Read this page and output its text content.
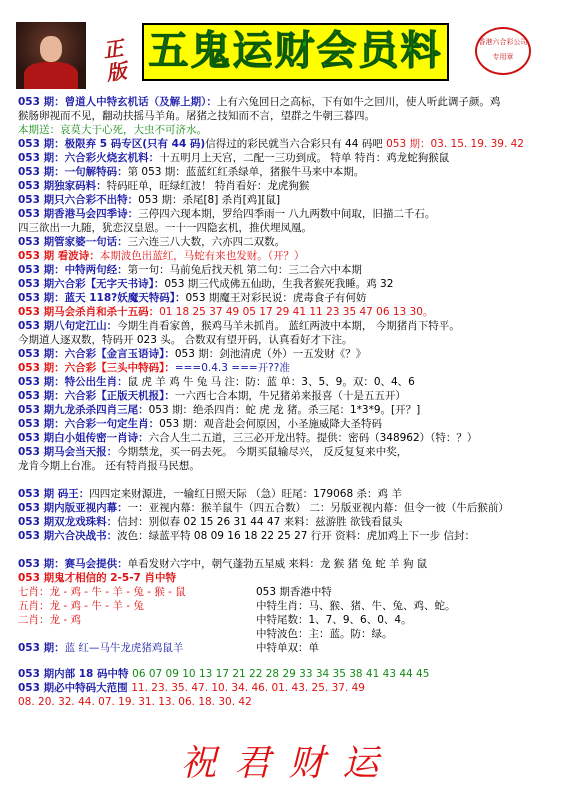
正版 五鬼运财会员料	香港六合彩公司
专用章
053 期：曾道人中特玄机话（及解上期）：上有六兔回日之高标，下有如牛之回川，使人听此调子颜。鸡
猴肠卵视而不见，翻动扶摇马羊角。屠猪之技知而不言，望群之牛朝三暮四。
本期送：哀莫大于心死，大虫不可济水。
053 期：极限弃 5 码专区(只有 44 码)信得过的彩民就当六合彩只有 44 码吧 053 期：03. 15. 19. 39. 42
053 期：六合彩火烧玄机料：十五明月上天宫，二配一三功到成。 特单 特肖：鸡龙蛇狗猴鼠
053 期：一句解特码：第 053 期：蓝蓝红红杀绿单，猪猴牛马来中本期。
053 期独家码料：特码旺单，旺绿红波！ 特肖看好：龙虎狗猴
053 期只六合彩不出特：053 期：杀尾[8] 杀肖[鸡][鼠]
053 期香港马会四季诗：三停四六现本期，罗给四季雨一 八九两数中间取，旧描二千石。
四三欲出一九随，犹恋汉皇恩。一十一四隐玄机，推伏埋凤凰。
053 期管家婆一句话：三六连三八大数，六亦四二双数。
053 期 看波诗：本期波色出蓝红，马蛇有来也发财。（开？）
053 期：中特两句经：第一句：马前兔后找天机 第二句：三二合六中本期
053 期六合彩【无字天书诗】：053 期三代成佛五仙助，生我者猴死我睡。鸡 32
053 期：蓝天 118?妖魔天特码】：053 期魔王对彩民说：虎毒食子有何妨
053 期马会杀肖和杀十五码：01 18 25 37 49 05 17 29 41 11 23 35 47 06 13 30。
053 期八句定江山：今期生肖看家兽，猴鸡马羊未抓肖。 蓝红两波中本期， 今期猪肖下特平。
今期道人逐双数，特码开 023 头。 合数双有望开码，认真看好才下注。
053 期：六合彩【金言玉语诗】：053 期：剑池清虎（外）一五发财《？》
053 期：六合彩【三头中特码】：===0.4.3 ===开??准
053 期：特公出生肖：鼠 虎 羊 鸡 牛 兔 马 注：防：蓝 单：3、5、9。双：0、4、6
053 期：六合彩【正版天机报】：一六西七合本期，牛兄猪弟来报喜（十是五五开）
053 期九龙杀杀四肖三尾：053 期：绝杀四肖：蛇 虎 龙 猪。杀三尾：1*3*9。[开？]
053 期：六合彩一句定生肖：053 期：观音赴会何原因，小圣施威降大圣特码
053 期白小姐传密一肖诗：六合人生二五道，三三必开龙出特。提供：密码（348962）（特：？）
053 期马会当天报：今期禁龙，买一码去死。 今期买鼠输尽兴， 反反复复来中奖，
龙肯今期上台准。 还有特肖报马民想。
053 期 码王：四四定来财源进，一输红日照天际 （急）旺尾：179068 杀：鸡 羊
053 期内版亚视内幕：一：亚视内幕：猴羊鼠牛（四五合数） 二：另版亚视内幕：但令一彼（牛后猴前）
053 期双龙戏珠料：信封：别似春 02 15 26 31 44 47 来料：兹游胜 欲钱看鼠头
053 期六合决战书：波色：绿蓝平特 08 09 16 18 22 25 27 行开 资料：虎加鸡上下一步 信封：
053 期：赛马会提供：单看发财六字中，朝气蓬勃五星威 来料：龙 猴 猪 兔 蛇 羊 狗 鼠
053 期鬼才相信的 2-5-7 肖中特
七肖：龙 - 鸡 - 牛 - 羊 - 兔 - 猴 - 鼠
五肖：龙 - 鸡 - 牛 - 羊 - 兔
二肖：龙 - 鸡
053 期：蓝 红—马牛龙虎猪鸡鼠羊
053 期香港中特
中特生肖：马、猴、猪、牛、兔、鸡、蛇。
中特尾数：1、7、9、6、0、4。
中特波色：主：蓝。防：绿。
中特单双：单
053 期内部 18 码中特 06 07 09 10 13 17 21 22 28 29 33 34 35 38 41 43 44 45
053 期必中特码大范围 11. 23. 35. 47. 10. 34. 46. 01. 43. 25. 37. 49
08. 20. 32. 44. 07. 19. 31. 13. 06. 18. 30. 42
祝君财运
